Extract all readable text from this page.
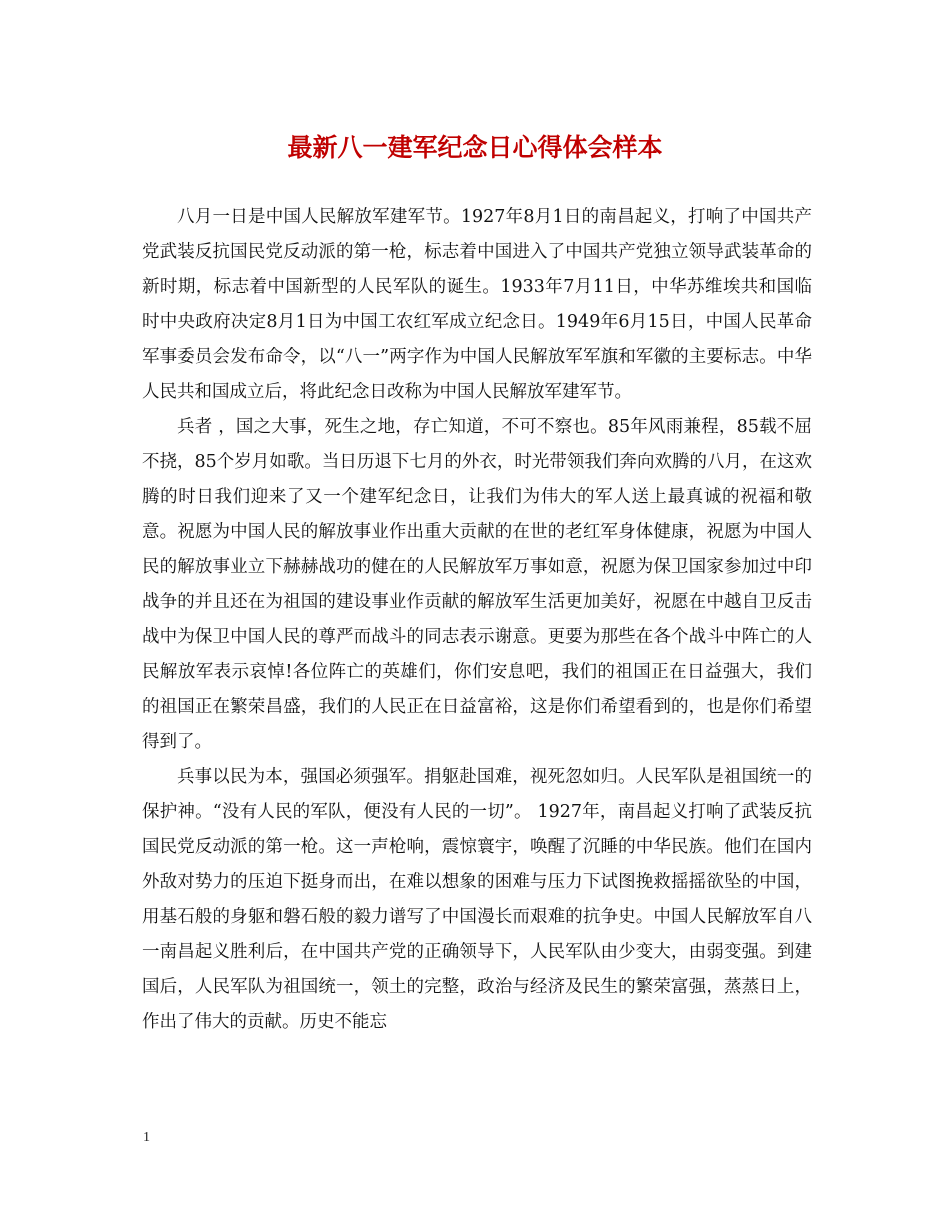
最新八一建军纪念日心得体会样本

八月一日是中国人民解放军建军节。1927年8月1日的南昌起义，打响了中国共产党武装反抗国民党反动派的第一枪，标志着中国进入了中国共产党独立领导武装革命的新时期，标志着中国新型的人民军队的诞生。1933年7月11日，中华苏维埃共和国临时中央政府决定8月1日为中国工农红军成立纪念日。1949年6月15日，中国人民革命军事委员会发布命令，以“八一”两字作为中国人民解放军军旗和军徽的主要标志。中华人民共和国成立后，将此纪念日改称为中国人民解放军建军节。

兵者 ，国之大事，死生之地，存亡知道，不可不察也。85年风雨兼程，85载不屈不挠，85个岁月如歌。当日历退下七月的外衣，时光带领我们奔向欢腾的八月，在这欢腾的时日我们迎来了又一个建军纪念日，让我们为伟大的军人送上最真诚的祝福和敬意。祝愿为中国人民的解放事业作出重大贡献的在世的老红军身体健康，祝愿为中国人民的解放事业立下赫赫战功的健在的人民解放军万事如意，祝愿为保卫国家参加过中印战争的并且还在为祖国的建设事业作贡献的解放军生活更加美好，祝愿在中越自卫反击战中为保卫中国人民的尊严而战斗的同志表示谢意。更要为那些在各个战斗中阵亡的人民解放军表示哀悼!各位阵亡的英雄们，你们安息吧，我们的祖国正在日益强大，我们的祖国正在繁荣昌盛，我们的人民正在日益富裕，这是你们希望看到的，也是你们希望得到了。

兵事以民为本，强国必须强军。捐躯赴国难，视死忽如归。人民军队是祖国统一的保护神。“没有人民的军队，便没有人民的一切”。 1927年，南昌起义打响了武装反抗国民党反动派的第一枪。这一声枪响，震惊寰宇，唤醒了沉睡的中华民族。他们在国内外敌对势力的压迫下挺身而出，在难以想象的困难与压力下试图挽救摇摇欲坠的中国，用基石般的身躯和磐石般的毅力谱写了中国漫长而艰难的抗争史。中国人民解放军自八一南昌起义胜利后，在中国共产党的正确领导下，人民军队由少变大，由弱变强。到建国后，人民军队为祖国统一，领土的完整，政治与经济及民生的繁荣富强，蒸蒸日上，作出了伟大的贡献。历史不能忘

1
